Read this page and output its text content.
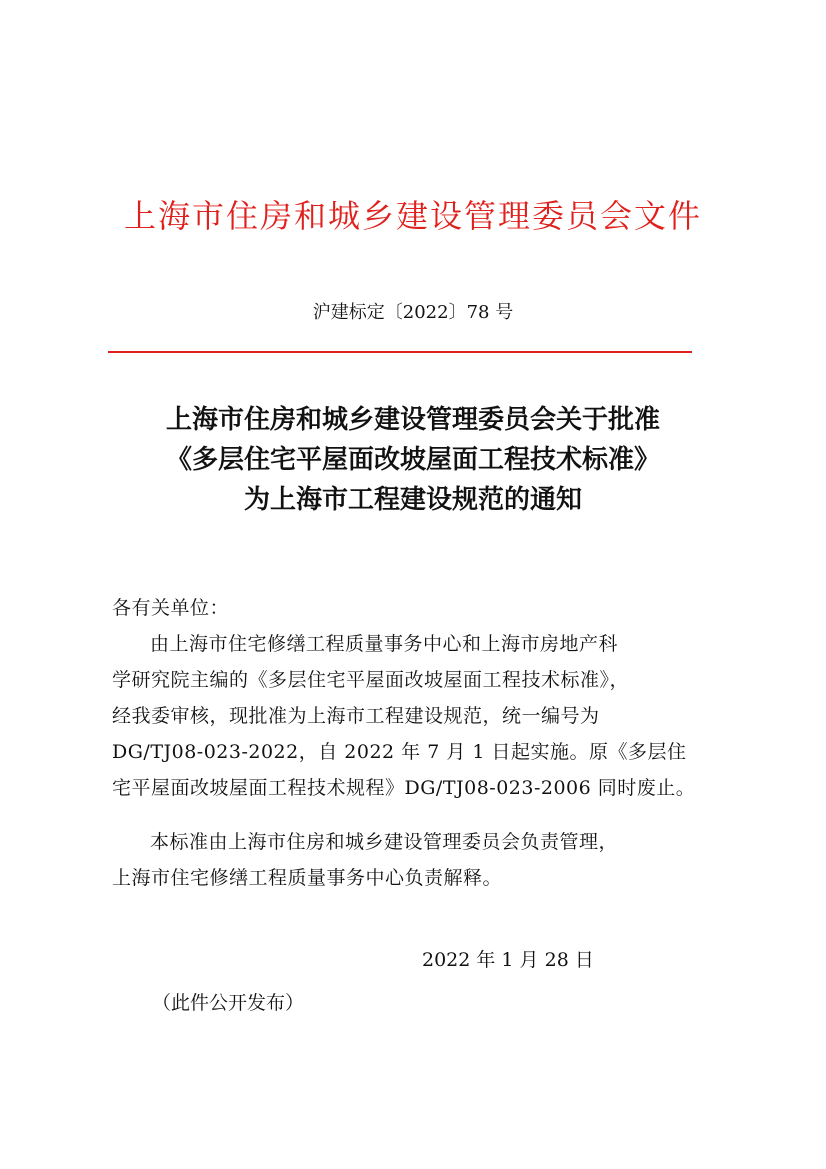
上海市住房和城乡建设管理委员会文件
沪建标定〔2022〕78 号
上海市住房和城乡建设管理委员会关于批准
《多层住宅平屋面改坡屋面工程技术标准》
为上海市工程建设规范的通知
各有关单位：
由上海市住宅修缮工程质量事务中心和上海市房地产科
学研究院主编的《多层住宅平屋面改坡屋面工程技术标准》，
经我委审核，现批准为上海市工程建设规范，统一编号为
DG/TJ08-023-2022，自 2022 年 7 月 1 日起实施。原《多层住
宅平屋面改坡屋面工程技术规程》DG/TJ08-023-2006 同时废止。
本标准由上海市住房和城乡建设管理委员会负责管理，
上海市住宅修缮工程质量事务中心负责解释。
2022 年 1 月 28 日
（此件公开发布）
